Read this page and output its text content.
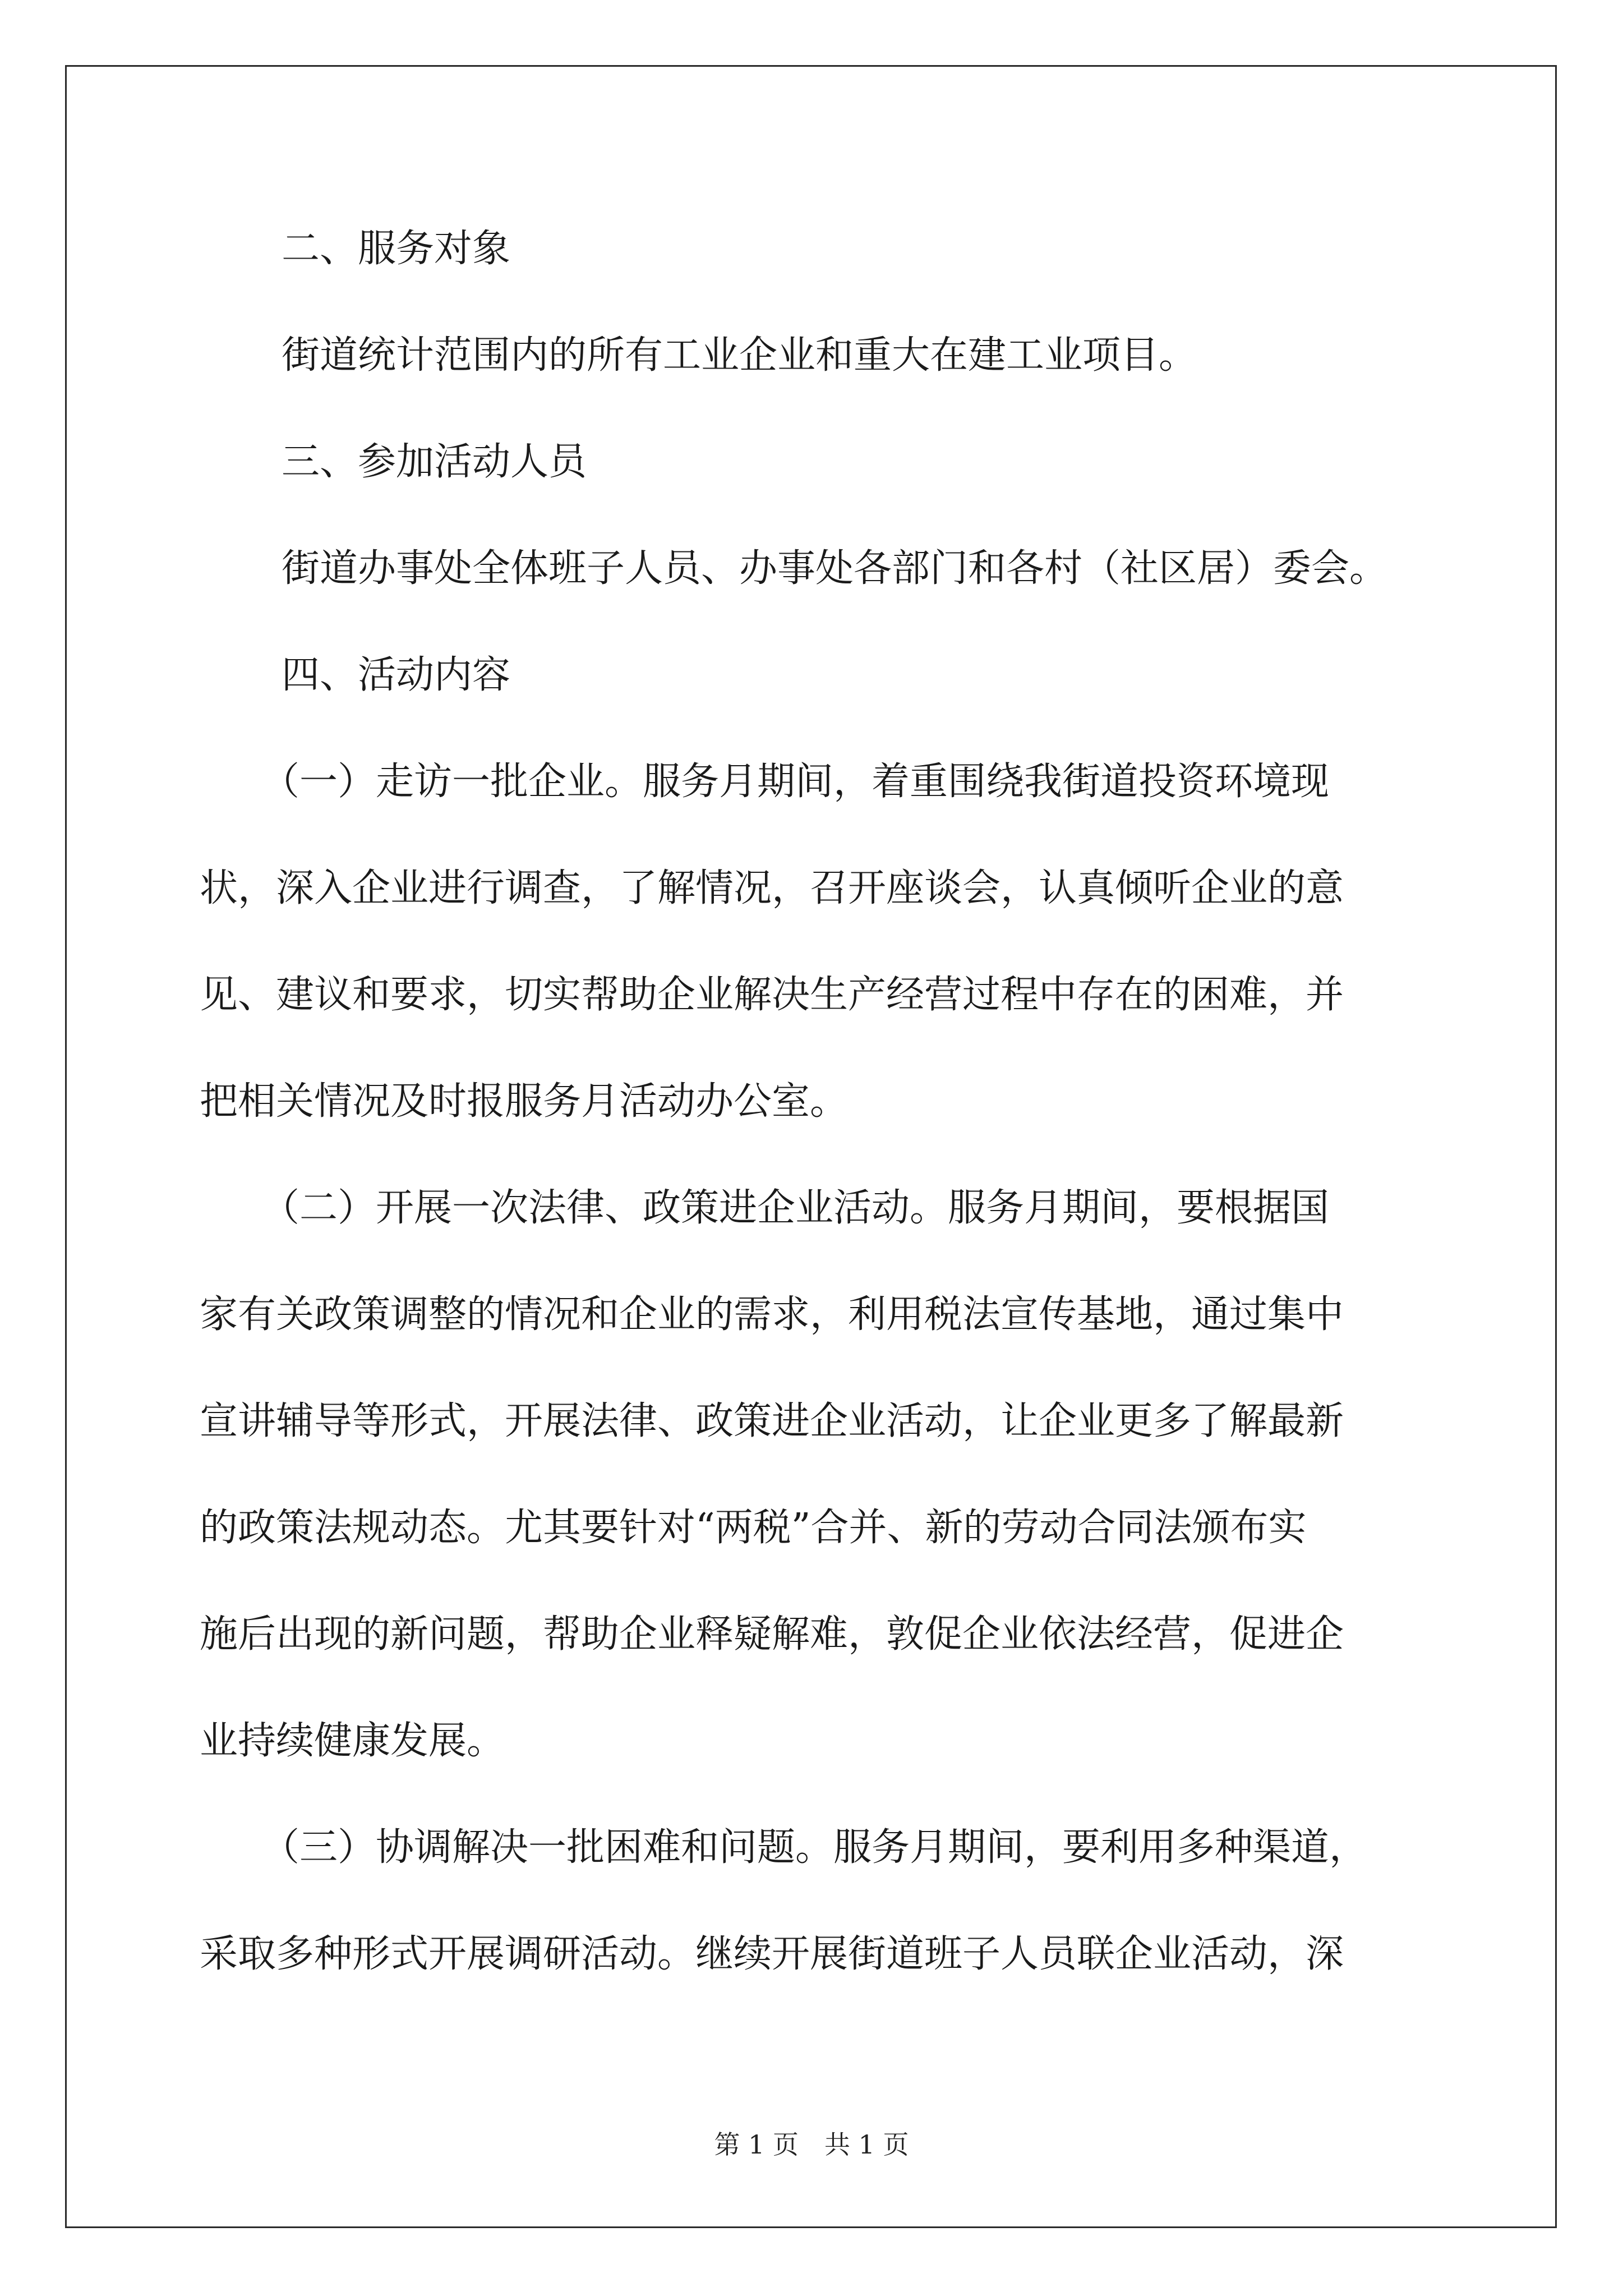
二、服务对象
街道统计范围内的所有工业企业和重大在建工业项目。
三、参加活动人员
街道办事处全体班子人员、办事处各部门和各村（社区居）委会。
四、活动内容
（一）走访一批企业。服务月期间，着重围绕我街道投资环境现
状，深入企业进行调查，了解情况，召开座谈会，认真倾听企业的意
见、建议和要求，切实帮助企业解决生产经营过程中存在的困难，并
把相关情况及时报服务月活动办公室。
（二）开展一次法律、政策进企业活动。服务月期间，要根据国
家有关政策调整的情况和企业的需求，利用税法宣传基地，通过集中
宣讲辅导等形式，开展法律、政策进企业活动，让企业更多了解最新
的政策法规动态。尤其要针对“两税”合并、新的劳动合同法颁布实
施后出现的新问题，帮助企业释疑解难，敦促企业依法经营，促进企
业持续健康发展。
（三）协调解决一批困难和问题。服务月期间，要利用多种渠道，
采取多种形式开展调研活动。继续开展街道班子人员联企业活动，深
第 1 页　共 1 页
